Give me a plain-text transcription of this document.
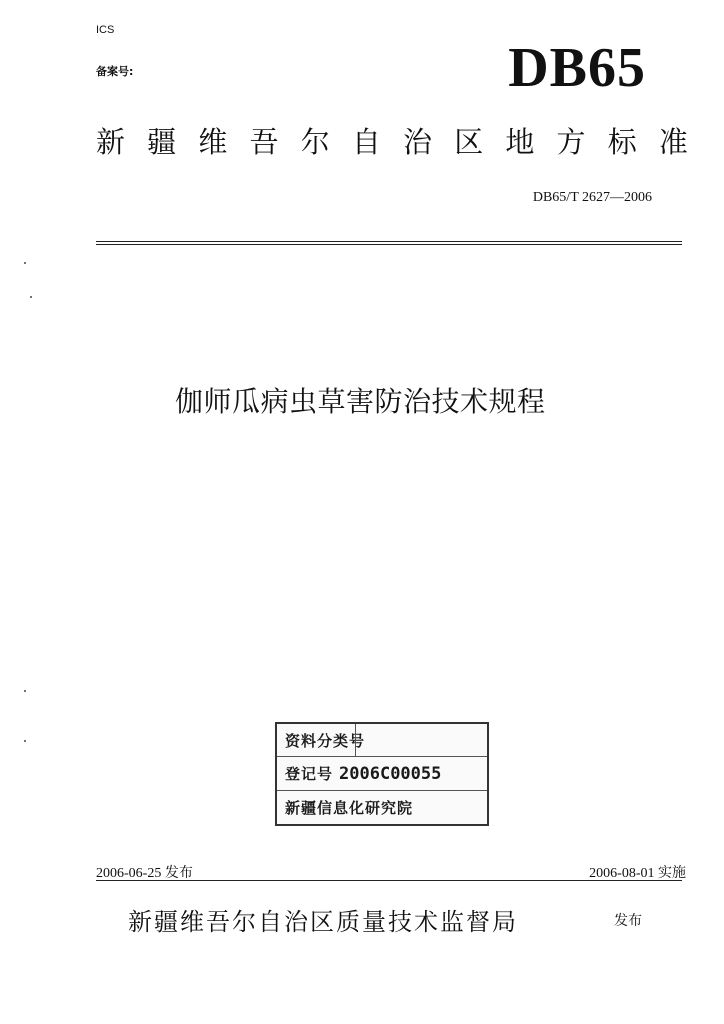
ICS
备案号:	DB65
新 疆 维 吾 尔 自 治 区 地 方 标 准
DB65/T 2627—2006
伽师瓜病虫草害防治技术规程
资料分类号
登记号 2006C00055
新疆信息化研究院
2006-06-25 发布	2006-08-01 实施
新疆维吾尔自治区质量技术监督局	发布
